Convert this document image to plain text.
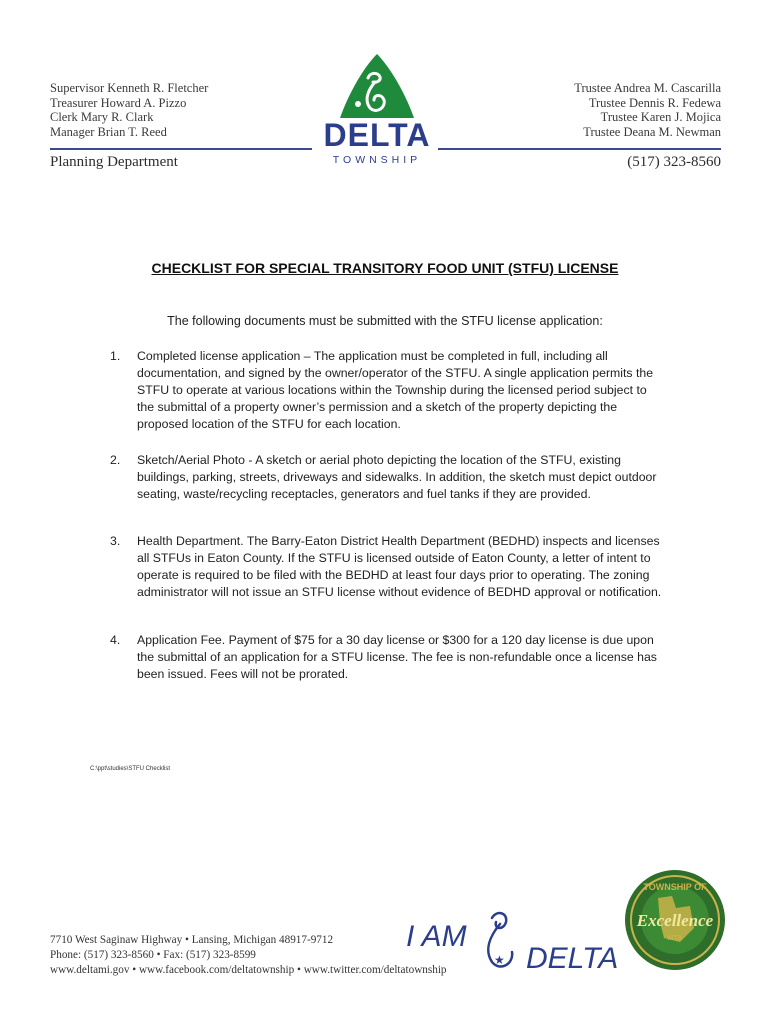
Supervisor Kenneth R. Fletcher
Treasurer Howard A. Pizzo
Clerk Mary R. Clark
Manager Brian T. Reed
Trustee Andrea M. Cascarilla
Trustee Dennis R. Fedewa
Trustee Karen J. Mojica
Trustee Deana M. Newman
DELTA
TOWNSHIP
Planning Department	(517) 323-8560
CHECKLIST FOR SPECIAL TRANSITORY FOOD UNIT (STFU) LICENSE
The following documents must be submitted with the STFU license application:
1. Completed license application – The application must be completed in full, including all
documentation, and signed by the owner/operator of the STFU. A single application permits the
STFU to operate at various locations within the Township during the licensed period subject to
the submittal of a property owner’s permission and a sketch of the property depicting the
proposed location of the STFU for each location.
2. Sketch/Aerial Photo - A sketch or aerial photo depicting the location of the STFU, existing
buildings, parking, streets, driveways and sidewalks. In addition, the sketch must depict outdoor
seating, waste/recycling receptacles, generators and fuel tanks if they are provided.
3. Health Department. The Barry-Eaton District Health Department (BEDHD) inspects and licenses
all STFUs in Eaton County. If the STFU is licensed outside of Eaton County, a letter of intent to
operate is required to be filed with the BEDHD at least four days prior to operating. The zoning
administrator will not issue an STFU license without evidence of BEDHD approval or notification.
4. Application Fee. Payment of $75 for a 30 day license or $300 for a 120 day license is due upon
the submittal of an application for a STFU license. The fee is non-refundable once a license has
been issued. Fees will not be prorated.
C:\ppt\studies\STFU Checklist
7710 West Saginaw Highway • Lansing, Michigan 48917-9712
Phone: (517) 323-8560 • Fax: (517) 323-8599
www.deltami.gov • www.facebook.com/deltatownship • www.twitter.com/deltatownship
I AM
★ DELTA
TOWNSHIP OF
Excellence
MTA
